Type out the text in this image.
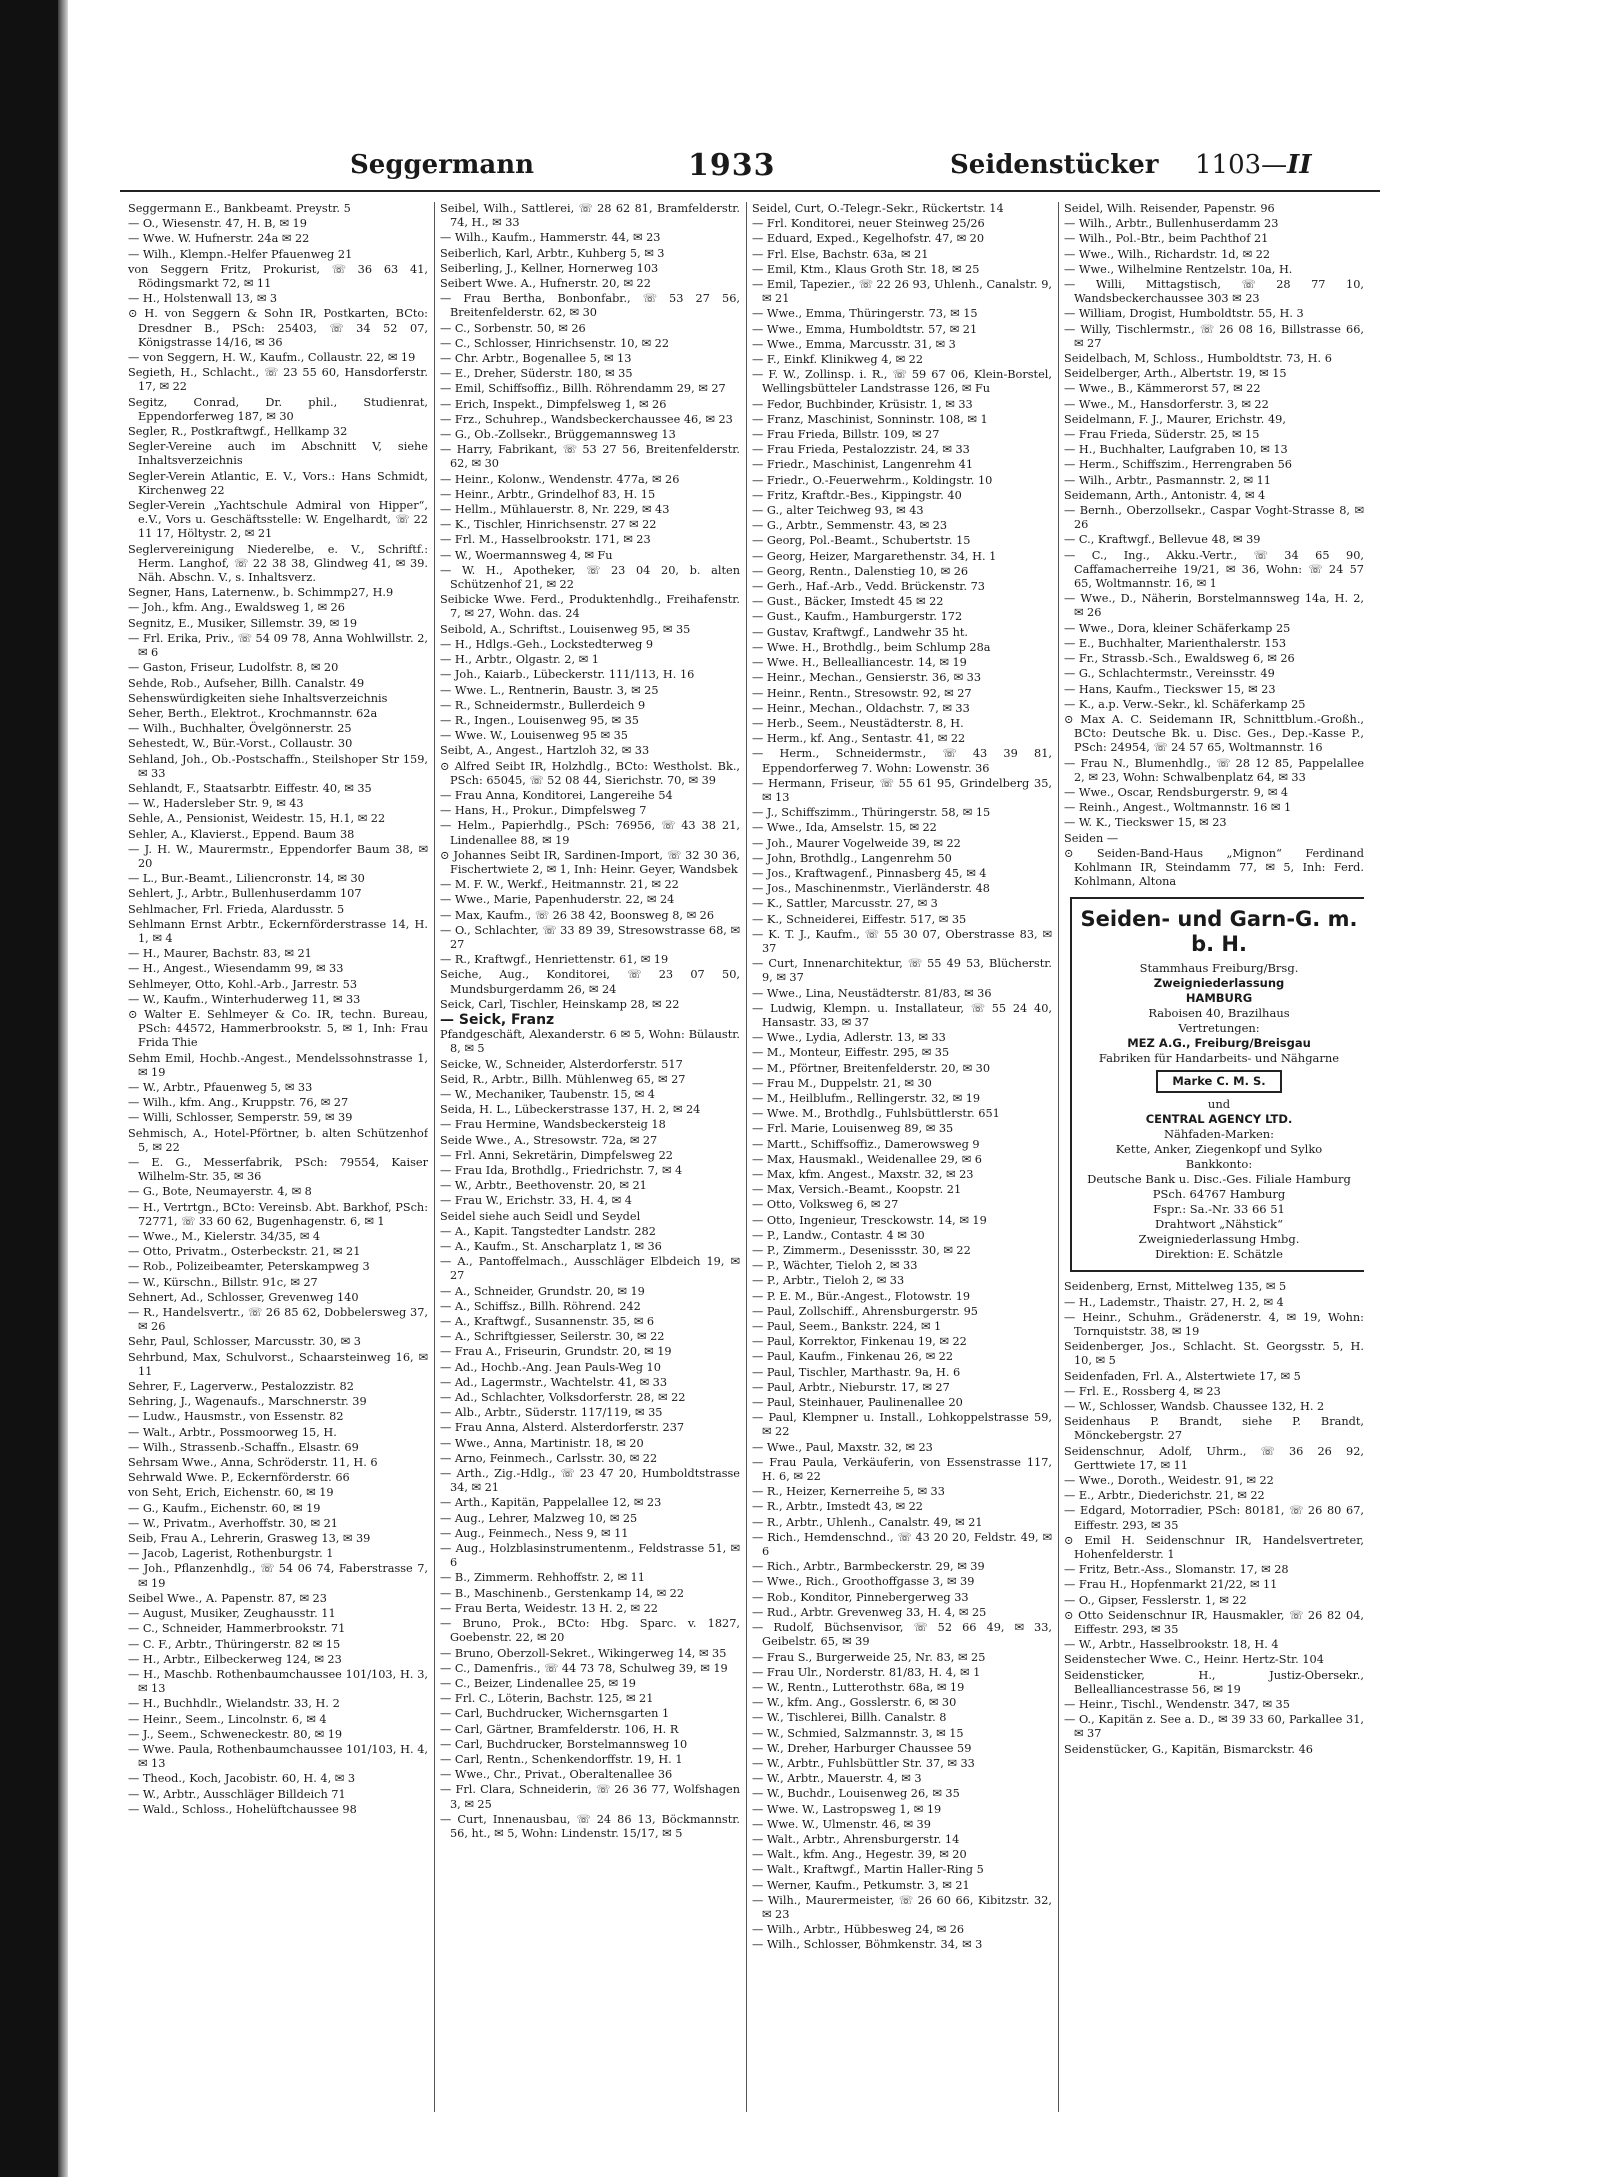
Seggermann	1933	Seidenstücker 1103—II

Seggermann E., Bankbeamt. Preystr. 5

— O., Wiesenstr. 47, H. B, ✉ 19

— Wwe. W. Hufnerstr. 24a ✉ 22

— Wilh., Klempn.-Helfer Pfauenweg 21

von Seggern Fritz, Prokurist, ☏ 36 63 41, Rödingsmarkt 72, ✉ 11

— H., Holstenwall 13, ✉ 3

⊙ H. von Seggern & Sohn IR, Postkarten, BCto: Dresdner B., PSch: 25403, ☏ 34 52 07, Königstrasse 14/16, ✉ 36

— von Seggern, H. W., Kaufm., Collaustr. 22, ✉ 19

Segieth, H., Schlacht., ☏ 23 55 60, Hansdorferstr. 17, ✉ 22

Segitz, Conrad, Dr. phil., Studienrat, Eppendorferweg 187, ✉ 30

Segler, R., Postkraftwgf., Hellkamp 32

Segler-Vereine auch im Abschnitt V, siehe Inhaltsverzeichnis

Segler-Verein Atlantic, E. V., Vors.: Hans Schmidt, Kirchenweg 22

Segler-Verein „Yachtschule Admiral von Hipper“, e.V., Vors u. Geschäftsstelle: W. Engelhardt, ☏ 22 11 17, Höltystr. 2, ✉ 21

Seglervereinigung Niederelbe, e. V., Schriftf.: Herm. Langhof, ☏ 22 38 38, Glindweg 41, ✉ 39. Näh. Abschn. V., s. Inhaltsverz.

Segner, Hans, Laternenw., b. Schimmp27, H.9

— Joh., kfm. Ang., Ewaldsweg 1, ✉ 26

Segnitz, E., Musiker, Sillemstr. 39, ✉ 19

— Frl. Erika, Priv., ☏ 54 09 78, Anna Wohlwillstr. 2, ✉ 6

— Gaston, Friseur, Ludolfstr. 8, ✉ 20

Sehde, Rob., Aufseher, Billh. Canalstr. 49

Sehenswürdigkeiten siehe Inhaltsverzeichnis

Seher, Berth., Elektrot., Krochmannstr. 62a

— Wilh., Buchhalter, Övelgönnerstr. 25

Sehestedt, W., Bür.-Vorst., Collaustr. 30

Sehland, Joh., Ob.-Postschaffn., Steilshoper Str 159, ✉ 33

Sehlandt, F., Staatsarbtr. Eiffestr. 40, ✉ 35

— W., Hadersleber Str. 9, ✉ 43

Sehle, A., Pensionist, Weidestr. 15, H.1, ✉ 22

Sehler, A., Klavierst., Eppend. Baum 38

— J. H. W., Maurermstr., Eppendorfer Baum 38, ✉ 20

— L., Bur.-Beamt., Liliencronstr. 14, ✉ 30

Sehlert, J., Arbtr., Bullenhuserdamm 107

Sehlmacher, Frl. Frieda, Alardusstr. 5

Sehlmann Ernst Arbtr., Eckernförderstrasse 14, H. 1, ✉ 4

— H., Maurer, Bachstr. 83, ✉ 21

— H., Angest., Wiesendamm 99, ✉ 33

Sehlmeyer, Otto, Kohl.-Arb., Jarrestr. 53

— W., Kaufm., Winterhuderweg 11, ✉ 33

⊙ Walter E. Sehlmeyer & Co. IR, techn. Bureau, PSch: 44572, Hammerbrookstr. 5, ✉ 1, Inh: Frau Frida Thie

Sehm Emil, Hochb.-Angest., Mendelssohnstrasse 1, ✉ 19

— W., Arbtr., Pfauenweg 5, ✉ 33

— Wilh., kfm. Ang., Kruppstr. 76, ✉ 27

— Willi, Schlosser, Semperstr. 59, ✉ 39

Sehmisch, A., Hotel-Pförtner, b. alten Schützenhof 5, ✉ 22

— E. G., Messerfabrik, PSch: 79554, Kaiser Wilhelm-Str. 35, ✉ 36

— G., Bote, Neumayerstr. 4, ✉ 8

— H., Vertrtgn., BCto: Vereinsb. Abt. Barkhof, PSch: 72771, ☏ 33 60 62, Bugenhagenstr. 6, ✉ 1

— Wwe., M., Kielerstr. 34/35, ✉ 4

— Otto, Privatm., Osterbeckstr. 21, ✉ 21

— Rob., Polizeibeamter, Peterskampweg 3

— W., Kürschn., Billstr. 91c, ✉ 27

Sehnert, Ad., Schlosser, Grevenweg 140

— R., Handelsvertr., ☏ 26 85 62, Dobbelersweg 37, ✉ 26

Sehr, Paul, Schlosser, Marcusstr. 30, ✉ 3

Sehrbund, Max, Schulvorst., Schaarsteinweg 16, ✉ 11

Sehrer, F., Lagerverw., Pestalozzistr. 82

Sehring, J., Wagenaufs., Marschnerstr. 39

— Ludw., Hausmstr., von Essenstr. 82

— Walt., Arbtr., Possmoorweg 15, H.

— Wilh., Strassenb.-Schaffn., Elsastr. 69

Sehrsam Wwe., Anna, Schröderstr. 11, H. 6

Sehrwald Wwe. P., Eckernförderstr. 66

von Seht, Erich, Eichenstr. 60, ✉ 19

— G., Kaufm., Eichenstr. 60, ✉ 19

— W., Privatm., Averhoffstr. 30, ✉ 21

Seib, Frau A., Lehrerin, Grasweg 13, ✉ 39

— Jacob, Lagerist, Rothenburgstr. 1

— Joh., Pflanzenhdlg., ☏ 54 06 74, Faberstrasse 7, ✉ 19

Seibel Wwe., A. Papenstr. 87, ✉ 23

— August, Musiker, Zeughausstr. 11

— C., Schneider, Hammerbrookstr. 71

— C. F., Arbtr., Thüringerstr. 82 ✉ 15

— H., Arbtr., Eilbeckerweg 124, ✉ 23

— H., Maschb. Rothenbaumchaussee 101/103, H. 3, ✉ 13

— H., Buchhdlr., Wielandstr. 33, H. 2

— Heinr., Seem., Lincolnstr. 6, ✉ 4

— J., Seem., Schweneckestr. 80, ✉ 19

— Wwe. Paula, Rothenbaumchaussee 101/103, H. 4, ✉ 13

— Theod., Koch, Jacobistr. 60, H. 4, ✉ 3

— W., Arbtr., Ausschläger Billdeich 71

— Wald., Schloss., Hohelüftchaussee 98

Seibel, Wilh., Sattlerei, ☏ 28 62 81, Bramfelderstr. 74, H., ✉ 33

— Wilh., Kaufm., Hammerstr. 44, ✉ 23

Seiberlich, Karl, Arbtr., Kuhberg 5, ✉ 3

Seiberling, J., Kellner, Hornerweg 103

Seibert Wwe. A., Hufnerstr. 20, ✉ 22

— Frau Bertha, Bonbonfabr., ☏ 53 27 56, Breitenfelderstr. 62, ✉ 30

— C., Sorbenstr. 50, ✉ 26

— C., Schlosser, Hinrichsenstr. 10, ✉ 22

— Chr. Arbtr., Bogenallee 5, ✉ 13

— E., Dreher, Süderstr. 180, ✉ 35

— Emil, Schiffsoffiz., Billh. Röhrendamm 29, ✉ 27

— Erich, Inspekt., Dimpfelsweg 1, ✉ 26

— Frz., Schuhrep., Wandsbeckerchaussee 46, ✉ 23

— G., Ob.-Zollsekr., Brüggemannsweg 13

— Harry, Fabrikant, ☏ 53 27 56, Breitenfelderstr. 62, ✉ 30

— Heinr., Kolonw., Wendenstr. 477a, ✉ 26

— Heinr., Arbtr., Grindelhof 83, H. 15

— Hellm., Mühlauerstr. 8, Nr. 229, ✉ 43

— K., Tischler, Hinrichsenstr. 27 ✉ 22

— Frl. M., Hasselbrookstr. 171, ✉ 23

— W., Woermannsweg 4, ✉ Fu

— W. H., Apotheker, ☏ 23 04 20, b. alten Schützenhof 21, ✉ 22

Seibicke Wwe. Ferd., Produktenhdlg., Freihafenstr. 7, ✉ 27, Wohn. das. 24

Seibold, A., Schriftst., Louisenweg 95, ✉ 35

— H., Hdlgs.-Geh., Lockstedterweg 9

— H., Arbtr., Olgastr. 2, ✉ 1

— Joh., Kaiarb., Lübeckerstr. 111/113, H. 16

— Wwe. L., Rentnerin, Baustr. 3, ✉ 25

— R., Schneidermstr., Bullerdeich 9

— R., Ingen., Louisenweg 95, ✉ 35

— Wwe. W., Louisenweg 95 ✉ 35

Seibt, A., Angest., Hartzloh 32, ✉ 33

⊙ Alfred Seibt IR, Holzhdlg., BCto: Westholst. Bk., PSch: 65045, ☏ 52 08 44, Sierichstr. 70, ✉ 39

— Frau Anna, Konditorei, Langereihe 54

— Hans, H., Prokur., Dimpfelsweg 7

— Helm., Papierhdlg., PSch: 76956, ☏ 43 38 21, Lindenallee 88, ✉ 19

⊙ Johannes Seibt IR, Sardinen-Import, ☏ 32 30 36, Fischertwiete 2, ✉ 1, Inh: Heinr. Geyer, Wandsbek

— M. F. W., Werkf., Heitmannstr. 21, ✉ 22

— Wwe., Marie, Papenhuderstr. 22, ✉ 24

— Max, Kaufm., ☏ 26 38 42, Boonsweg 8, ✉ 26

— O., Schlachter, ☏ 33 89 39, Stresowstrasse 68, ✉ 27

— R., Kraftwgf., Henriettenstr. 61, ✉ 19

Seiche, Aug., Konditorei, ☏ 23 07 50, Mundsburgerdamm 26, ✉ 24

Seick, Carl, Tischler, Heinskamp 28, ✉ 22

— Seick, Franz

Pfandgeschäft, Alexanderstr. 6 ✉ 5, Wohn: Bülaustr. 8, ✉ 5

Seicke, W., Schneider, Alsterdorferstr. 517

Seid, R., Arbtr., Billh. Mühlenweg 65, ✉ 27

— W., Mechaniker, Taubenstr. 15, ✉ 4

Seida, H. L., Lübeckerstrasse 137, H. 2, ✉ 24

— Frau Hermine, Wandsbeckersteig 18

Seide Wwe., A., Stresowstr. 72a, ✉ 27

— Frl. Anni, Sekretärin, Dimpfelsweg 22

— Frau Ida, Brothdlg., Friedrichstr. 7, ✉ 4

— W., Arbtr., Beethovenstr. 20, ✉ 21

— Frau W., Erichstr. 33, H. 4, ✉ 4

Seidel siehe auch Seidl und Seydel

— A., Kapit. Tangstedter Landstr. 282

— A., Kaufm., St. Anscharplatz 1, ✉ 36

— A., Pantoffelmach., Ausschläger Elbdeich 19, ✉ 27

— A., Schneider, Grundstr. 20, ✉ 19

— A., Schiffsz., Billh. Röhrend. 242

— A., Kraftwgf., Susannenstr. 35, ✉ 6

— A., Schriftgiesser, Seilerstr. 30, ✉ 22

— Frau A., Friseurin, Grundstr. 20, ✉ 19

— Ad., Hochb.-Ang. Jean Pauls-Weg 10

— Ad., Lagermstr., Wachtelstr. 41, ✉ 33

— Ad., Schlachter, Volksdorferstr. 28, ✉ 22

— Alb., Arbtr., Süderstr. 117/119, ✉ 35

— Frau Anna, Alsterd. Alsterdorferstr. 237

— Wwe., Anna, Martinistr. 18, ✉ 20

— Arno, Feinmech., Carlsstr. 30, ✉ 22

— Arth., Zig.-Hdlg., ☏ 23 47 20, Humboldtstrasse 34, ✉ 21

— Arth., Kapitän, Pappelallee 12, ✉ 23

— Aug., Lehrer, Malzweg 10, ✉ 25

— Aug., Feinmech., Ness 9, ✉ 11

— Aug., Holzblasinstrumentenm., Feldstrasse 51, ✉ 6

— B., Zimmerm. Rehhoffstr. 2, ✉ 11

— B., Maschinenb., Gerstenkamp 14, ✉ 22

— Frau Berta, Weidestr. 13 H. 2, ✉ 22

— Bruno, Prok., BCto: Hbg. Sparc. v. 1827, Goebenstr. 22, ✉ 20

— Bruno, Oberzoll-Sekret., Wikingerweg 14, ✉ 35

— C., Damenfris., ☏ 44 73 78, Schulweg 39, ✉ 19

— C., Beizer, Lindenallee 25, ✉ 19

— Frl. C., Löterin, Bachstr. 125, ✉ 21

— Carl, Buchdrucker, Wichernsgarten 1

— Carl, Gärtner, Bramfelderstr. 106, H. R

— Carl, Buchdrucker, Borstelmannsweg 10

— Carl, Rentn., Schenkendorffstr. 19, H. 1

— Wwe., Chr., Privat., Oberaltenallee 36

— Frl. Clara, Schneiderin, ☏ 26 36 77, Wolfshagen 3, ✉ 25

— Curt, Innenausbau, ☏ 24 86 13, Böckmannstr. 56, ht., ✉ 5, Wohn: Lindenstr. 15/17, ✉ 5

Seidel, Curt, O.-Telegr.-Sekr., Rückertstr. 14

— Frl. Konditorei, neuer Steinweg 25/26

— Eduard, Exped., Kegelhofstr. 47, ✉ 20

— Frl. Else, Bachstr. 63a, ✉ 21

— Emil, Ktm., Klaus Groth Str. 18, ✉ 25

— Emil, Tapezier., ☏ 22 26 93, Uhlenh., Canalstr. 9, ✉ 21

— Wwe., Emma, Thüringerstr. 73, ✉ 15

— Wwe., Emma, Humboldtstr. 57, ✉ 21

— Wwe., Emma, Marcusstr. 31, ✉ 3

— F., Einkf. Klinikweg 4, ✉ 22

— F. W., Zollinsp. i. R., ☏ 59 67 06, Klein-Borstel, Wellingsbütteler Landstrasse 126, ✉ Fu

— Fedor, Buchbinder, Krüsistr. 1, ✉ 33

— Franz, Maschinist, Sonninstr. 108, ✉ 1

— Frau Frieda, Billstr. 109, ✉ 27

— Frau Frieda, Pestalozzistr. 24, ✉ 33

— Friedr., Maschinist, Langenrehm 41

— Friedr., O.-Feuerwehrm., Koldingstr. 10

— Fritz, Kraftdr.-Bes., Kippingstr. 40

— G., alter Teichweg 93, ✉ 43

— G., Arbtr., Semmenstr. 43, ✉ 23

— Georg, Pol.-Beamt., Schubertstr. 15

— Georg, Heizer, Margarethenstr. 34, H. 1

— Georg, Rentn., Dalenstieg 10, ✉ 26

— Gerh., Haf.-Arb., Vedd. Brückenstr. 73

— Gust., Bäcker, Imstedt 45 ✉ 22

— Gust., Kaufm., Hamburgerstr. 172

— Gustav, Kraftwgf., Landwehr 35 ht.

— Wwe. H., Brothdlg., beim Schlump 28a

— Wwe. H., Bellealliancestr. 14, ✉ 19

— Heinr., Mechan., Gensierstr. 36, ✉ 33

— Heinr., Rentn., Stresowstr. 92, ✉ 27

— Heinr., Mechan., Oldachstr. 7, ✉ 33

— Herb., Seem., Neustädterstr. 8, H.

— Herm., kf. Ang., Sentastr. 41, ✉ 22

— Herm., Schneidermstr., ☏ 43 39 81, Eppendorferweg 7. Wohn: Lowenstr. 36

— Hermann, Friseur, ☏ 55 61 95, Grindelberg 35, ✉ 13

— J., Schiffszimm., Thüringerstr. 58, ✉ 15

— Wwe., Ida, Amselstr. 15, ✉ 22

— Joh., Maurer Vogelweide 39, ✉ 22

— John, Brothdlg., Langenrehm 50

— Jos., Kraftwagenf., Pinnasberg 45, ✉ 4

— Jos., Maschinenmstr., Vierländerstr. 48

— K., Sattler, Marcusstr. 27, ✉ 3

— K., Schneiderei, Eiffestr. 517, ✉ 35

— K. T. J., Kaufm., ☏ 55 30 07, Oberstrasse 83, ✉ 37

— Curt, Innenarchitektur, ☏ 55 49 53, Blücherstr. 9, ✉ 37

— Wwe., Lina, Neustädterstr. 81/83, ✉ 36

— Ludwig, Klempn. u. Installateur, ☏ 55 24 40, Hansastr. 33, ✉ 37

— Wwe., Lydia, Adlerstr. 13, ✉ 33

— M., Monteur, Eiffestr. 295, ✉ 35

— M., Pförtner, Breitenfelderstr. 20, ✉ 30

— Frau M., Duppelstr. 21, ✉ 30

— M., Heilblufm., Rellingerstr. 32, ✉ 19

— Wwe. M., Brothdlg., Fuhlsbüttlerstr. 651

— Frl. Marie, Louisenweg 89, ✉ 35

— Martt., Schiffsoffiz., Damerowsweg 9

— Max, Hausmakl., Weidenallee 29, ✉ 6

— Max, kfm. Angest., Maxstr. 32, ✉ 23

— Max, Versich.-Beamt., Koopstr. 21

— Otto, Volksweg 6, ✉ 27

— Otto, Ingenieur, Tresckowstr. 14, ✉ 19

— P., Landw., Contastr. 4 ✉ 30

— P., Zimmerm., Desenissstr. 30, ✉ 22

— P., Wächter, Tieloh 2, ✉ 33

— P., Arbtr., Tieloh 2, ✉ 33

— P. E. M., Bür.-Angest., Flotowstr. 19

— Paul, Zollschiff., Ahrensburgerstr. 95

— Paul, Seem., Bankstr. 224, ✉ 1

— Paul, Korrektor, Finkenau 19, ✉ 22

— Paul, Kaufm., Finkenau 26, ✉ 22

— Paul, Tischler, Marthastr. 9a, H. 6

— Paul, Arbtr., Nieburstr. 17, ✉ 27

— Paul, Steinhauer, Paulinenallee 20

— Paul, Klempner u. Install., Lohkoppelstrasse 59, ✉ 22

— Wwe., Paul, Maxstr. 32, ✉ 23

— Frau Paula, Verkäuferin, von Essenstrasse 117, H. 6, ✉ 22

— R., Heizer, Kernerreihe 5, ✉ 33

— R., Arbtr., Imstedt 43, ✉ 22

— R., Arbtr., Uhlenh., Canalstr. 49, ✉ 21

— Rich., Hemdenschnd., ☏ 43 20 20, Feldstr. 49, ✉ 6

— Rich., Arbtr., Barmbeckerstr. 29, ✉ 39

— Wwe., Rich., Groothoffgasse 3, ✉ 39

— Rob., Konditor, Pinnebergerweg 33

— Rud., Arbtr. Grevenweg 33, H. 4, ✉ 25

— Rudolf, Büchsenvisor, ☏ 52 66 49, ✉ 33, Geibelstr. 65, ✉ 39

— Frau S., Burgerweide 25, Nr. 83, ✉ 25

— Frau Ulr., Norderstr. 81/83, H. 4, ✉ 1

— W., Rentn., Lutterothstr. 68a, ✉ 19

— W., kfm. Ang., Gosslerstr. 6, ✉ 30

— W., Tischlerei, Billh. Canalstr. 8

— W., Schmied, Salzmannstr. 3, ✉ 15

— W., Dreher, Harburger Chaussee 59

— W., Arbtr., Fuhlsbüttler Str. 37, ✉ 33

— W., Arbtr., Mauerstr. 4, ✉ 3

— W., Buchdr., Louisenweg 26, ✉ 35

— Wwe. W., Lastropsweg 1, ✉ 19

— Wwe. W., Ulmenstr. 46, ✉ 39

— Walt., Arbtr., Ahrensburgerstr. 14

— Walt., kfm. Ang., Hegestr. 39, ✉ 20

— Walt., Kraftwgf., Martin Haller-Ring 5

— Werner, Kaufm., Petkumstr. 3, ✉ 21

— Wilh., Maurermeister, ☏ 26 60 66, Kibitzstr. 32, ✉ 23

— Wilh., Arbtr., Hübbesweg 24, ✉ 26

— Wilh., Schlosser, Böhmkenstr. 34, ✉ 3

Seidel, Wilh. Reisender, Papenstr. 96

— Wilh., Arbtr., Bullenhuserdamm 23

— Wilh., Pol.-Btr., beim Pachthof 21

— Wwe., Wilh., Richardstr. 1d, ✉ 22

— Wwe., Wilhelmine Rentzelstr. 10a, H.

— Willi, Mittagstisch, ☏ 28 77 10, Wandsbeckerchaussee 303 ✉ 23

— William, Drogist, Humboldtstr. 55, H. 3

— Willy, Tischlermstr., ☏ 26 08 16, Billstrasse 66, ✉ 27

Seidelbach, M, Schloss., Humboldtstr. 73, H. 6

Seidelberger, Arth., Albertstr. 19, ✉ 15

— Wwe., B., Kämmerorst 57, ✉ 22

— Wwe., M., Hansdorferstr. 3, ✉ 22

Seidelmann, F. J., Maurer, Erichstr. 49,

— Frau Frieda, Süderstr. 25, ✉ 15

— H., Buchhalter, Laufgraben 10, ✉ 13

— Herm., Schiffszim., Herrengraben 56

— Wilh., Arbtr., Pasmannstr. 2, ✉ 11

Seidemann, Arth., Antonistr. 4, ✉ 4

— Bernh., Oberzollsekr., Caspar Voght-Strasse 8, ✉ 26

— C., Kraftwgf., Bellevue 48, ✉ 39

— C., Ing., Akku.-Vertr., ☏ 34 65 90, Caffamacherreihe 19/21, ✉ 36, Wohn: ☏ 24 57 65, Woltmannstr. 16, ✉ 1

— Wwe., D., Näherin, Borstelmannsweg 14a, H. 2, ✉ 26

— Wwe., Dora, kleiner Schäferkamp 25

— E., Buchhalter, Marienthalerstr. 153

— Fr., Strassb.-Sch., Ewaldsweg 6, ✉ 26

— G., Schlachtermstr., Vereinsstr. 49

— Hans, Kaufm., Tieckswег 15, ✉ 23

— K., a.p. Verw.-Sekr., kl. Schäferkamp 25

⊙ Max A. C. Seidemann IR, Schnittblum.-Großh., BCto: Deutsche Bk. u. Disc. Ges., Dep.-Kasse P., PSch: 24954, ☏ 24 57 65, Woltmannstr. 16

— Frau N., Blumenhdlg., ☏ 28 12 85, Pappelallee 2, ✉ 23, Wohn: Schwalbenplatz 64, ✉ 33

— Wwe., Oscar, Rendsburgerstr. 9, ✉ 4

— Reinh., Angest., Woltmannstr. 16 ✉ 1

— W. K., Tieckswег 15, ✉ 23

Seiden —

⊙ Seiden-Band-Haus „Mignon“ Ferdinand Kohlmann IR, Steindamm 77, ✉ 5, Inh: Ferd. Kohlmann, Altona

Seiden- und Garn-G. m. b. H.
Stammhaus Freiburg/Brsg.
Zweigniederlassung
HAMBURG
Raboisen 40, Brazilhaus
Vertretungen:
MEZ A.G., Freiburg/Breisgau
Fabriken für Handarbeits- und Nähgarne
Marke C. M. S.
und
CENTRAL AGENCY LTD.
Nähfaden-Marken:
Kette, Anker, Ziegenkopf und Sylko
Bankkonto:
Deutsche Bank u. Disc.-Ges. Filiale Hamburg
PSch. 64767 Hamburg
Fspr.: Sa.-Nr. 33 66 51
Drahtwort „Nähstick“
Zweigniederlassung Hmbg.
Direktion: E. Schätzle

Seidenberg, Ernst, Mittelweg 135, ✉ 5

— H., Lademstr., Thaistr. 27, H. 2, ✉ 4

— Heinr., Schuhm., Grädenerstr. 4, ✉ 19, Wohn: Tornquiststr. 38, ✉ 19

Seidenberger, Jos., Schlacht. St. Georgsstr. 5, H. 10, ✉ 5

Seidenfaden, Frl. A., Alstertwiete 17, ✉ 5

— Frl. E., Rossberg 4, ✉ 23

— W., Schlosser, Wandsb. Chaussee 132, H. 2

Seidenhaus P. Brandt, siehe P. Brandt, Mönckebergstr. 27

Seidenschnur, Adolf, Uhrm., ☏ 36 26 92, Gerttwiete 17, ✉ 11

— Wwe., Doroth., Weidestr. 91, ✉ 22

— E., Arbtr., Diederichstr. 21, ✉ 22

— Edgard, Motorradier, PSch: 80181, ☏ 26 80 67, Eiffestr. 293, ✉ 35

⊙ Emil H. Seidenschnur IR, Handelsvertreter, Hohenfelderstr. 1

— Fritz, Betr.-Ass., Slomanstr. 17, ✉ 28

— Frau H., Hopfenmarkt 21/22, ✉ 11

— O., Gipser, Fesslerstr. 1, ✉ 22

⊙ Otto Seidenschnur IR, Hausmakler, ☏ 26 82 04, Eiffestr. 293, ✉ 35

— W., Arbtr., Hasselbrookstr. 18, H. 4

Seidenstecher Wwe. C., Heinr. Hertz-Str. 104

Seidensticker, H., Justiz-Obersekr., Bellealliancestrasse 56, ✉ 19

— Heinr., Tischl., Wendenstr. 347, ✉ 35

— O., Kapitän z. See a. D., ✉ 39 33 60, Parkallee 31, ✉ 37

Seidenstücker, G., Kapitän, Bismarckstr. 46
